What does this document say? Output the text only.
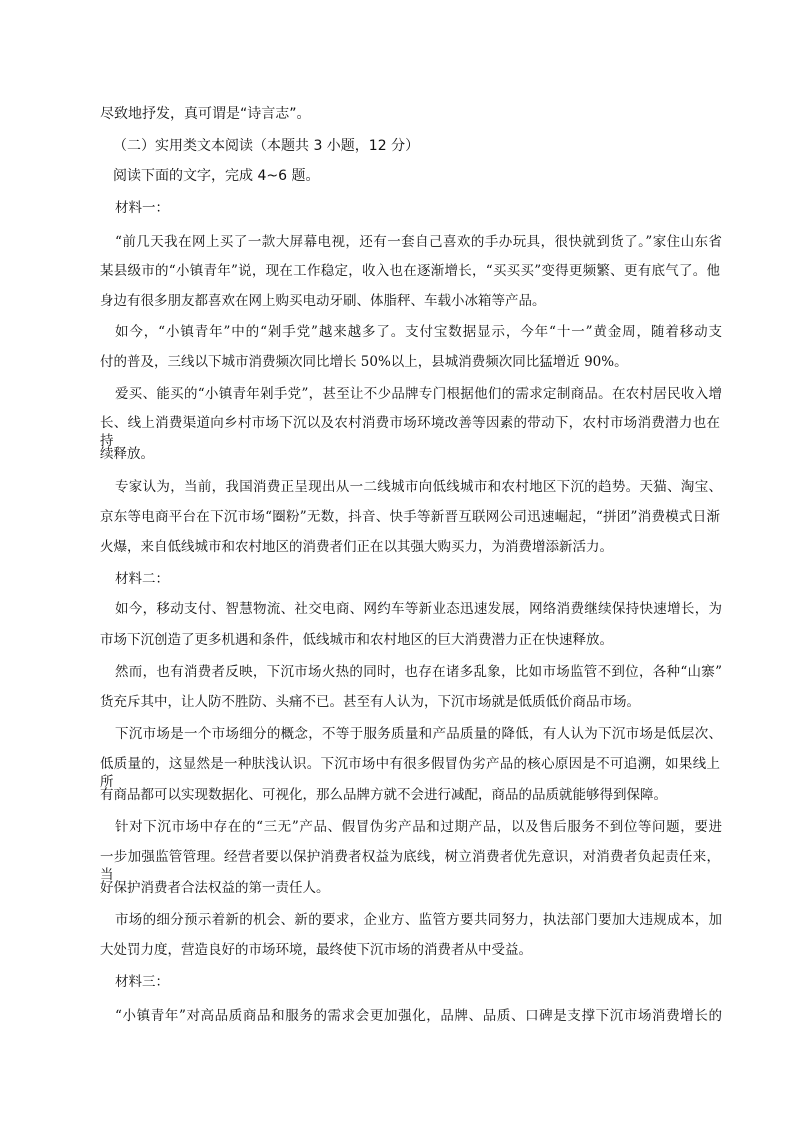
尽致地抒发，真可谓是“诗言志”。
（二）实用类文本阅读（本题共 3 小题，12 分）
阅读下面的文字，完成 4~6 题。
材料一：
“前几天我在网上买了一款大屏幕电视，还有一套自己喜欢的手办玩具，很快就到货了。”家住山东省
某县级市的“小镇青年”说，现在工作稳定，收入也在逐渐增长，“买买买”变得更频繁、更有底气了。他
身边有很多朋友都喜欢在网上购买电动牙刷、体脂秤、车载小冰箱等产品。
如今，“小镇青年”中的“剁手党”越来越多了。支付宝数据显示，今年“十一”黄金周，随着移动支
付的普及，三线以下城市消费频次同比增长 50%以上，县城消费频次同比猛增近 90%。
爱买、能买的“小镇青年剁手党”，甚至让不少品牌专门根据他们的需求定制商品。在农村居民收入增
长、线上消费渠道向乡村市场下沉以及农村消费市场环境改善等因素的带动下，农村市场消费潜力也在持
续释放。
专家认为，当前，我国消费正呈现出从一二线城市向低线城市和农村地区下沉的趋势。天猫、淘宝、
京东等电商平台在下沉市场“圈粉”无数，抖音、快手等新晋互联网公司迅速崛起，“拼团”消费模式日渐
火爆，来自低线城市和农村地区的消费者们正在以其强大购买力，为消费增添新活力。
材料二：
如今，移动支付、智慧物流、社交电商、网约车等新业态迅速发展，网络消费继续保持快速增长，为
市场下沉创造了更多机遇和条件，低线城市和农村地区的巨大消费潜力正在快速释放。
然而，也有消费者反映，下沉市场火热的同时，也存在诸多乱象，比如市场监管不到位，各种“山寨”
货充斥其中，让人防不胜防、头痛不已。甚至有人认为，下沉市场就是低质低价商品市场。
下沉市场是一个市场细分的概念，不等于服务质量和产品质量的降低，有人认为下沉市场是低层次、
低质量的，这显然是一种肤浅认识。下沉市场中有很多假冒伪劣产品的核心原因是不可追溯，如果线上所
有商品都可以实现数据化、可视化，那么品牌方就不会进行减配，商品的品质就能够得到保障。
针对下沉市场中存在的“三无”产品、假冒伪劣产品和过期产品，以及售后服务不到位等问题，要进
一步加强监管管理。经营者要以保护消费者权益为底线，树立消费者优先意识，对消费者负起责任来，当
好保护消费者合法权益的第一责任人。
市场的细分预示着新的机会、新的要求，企业方、监管方要共同努力，执法部门要加大违规成本，加
大处罚力度，营造良好的市场环境，最终使下沉市场的消费者从中受益。
材料三：
“小镇青年”对高品质商品和服务的需求会更加强化，品牌、品质、口碑是支撑下沉市场消费增长的
